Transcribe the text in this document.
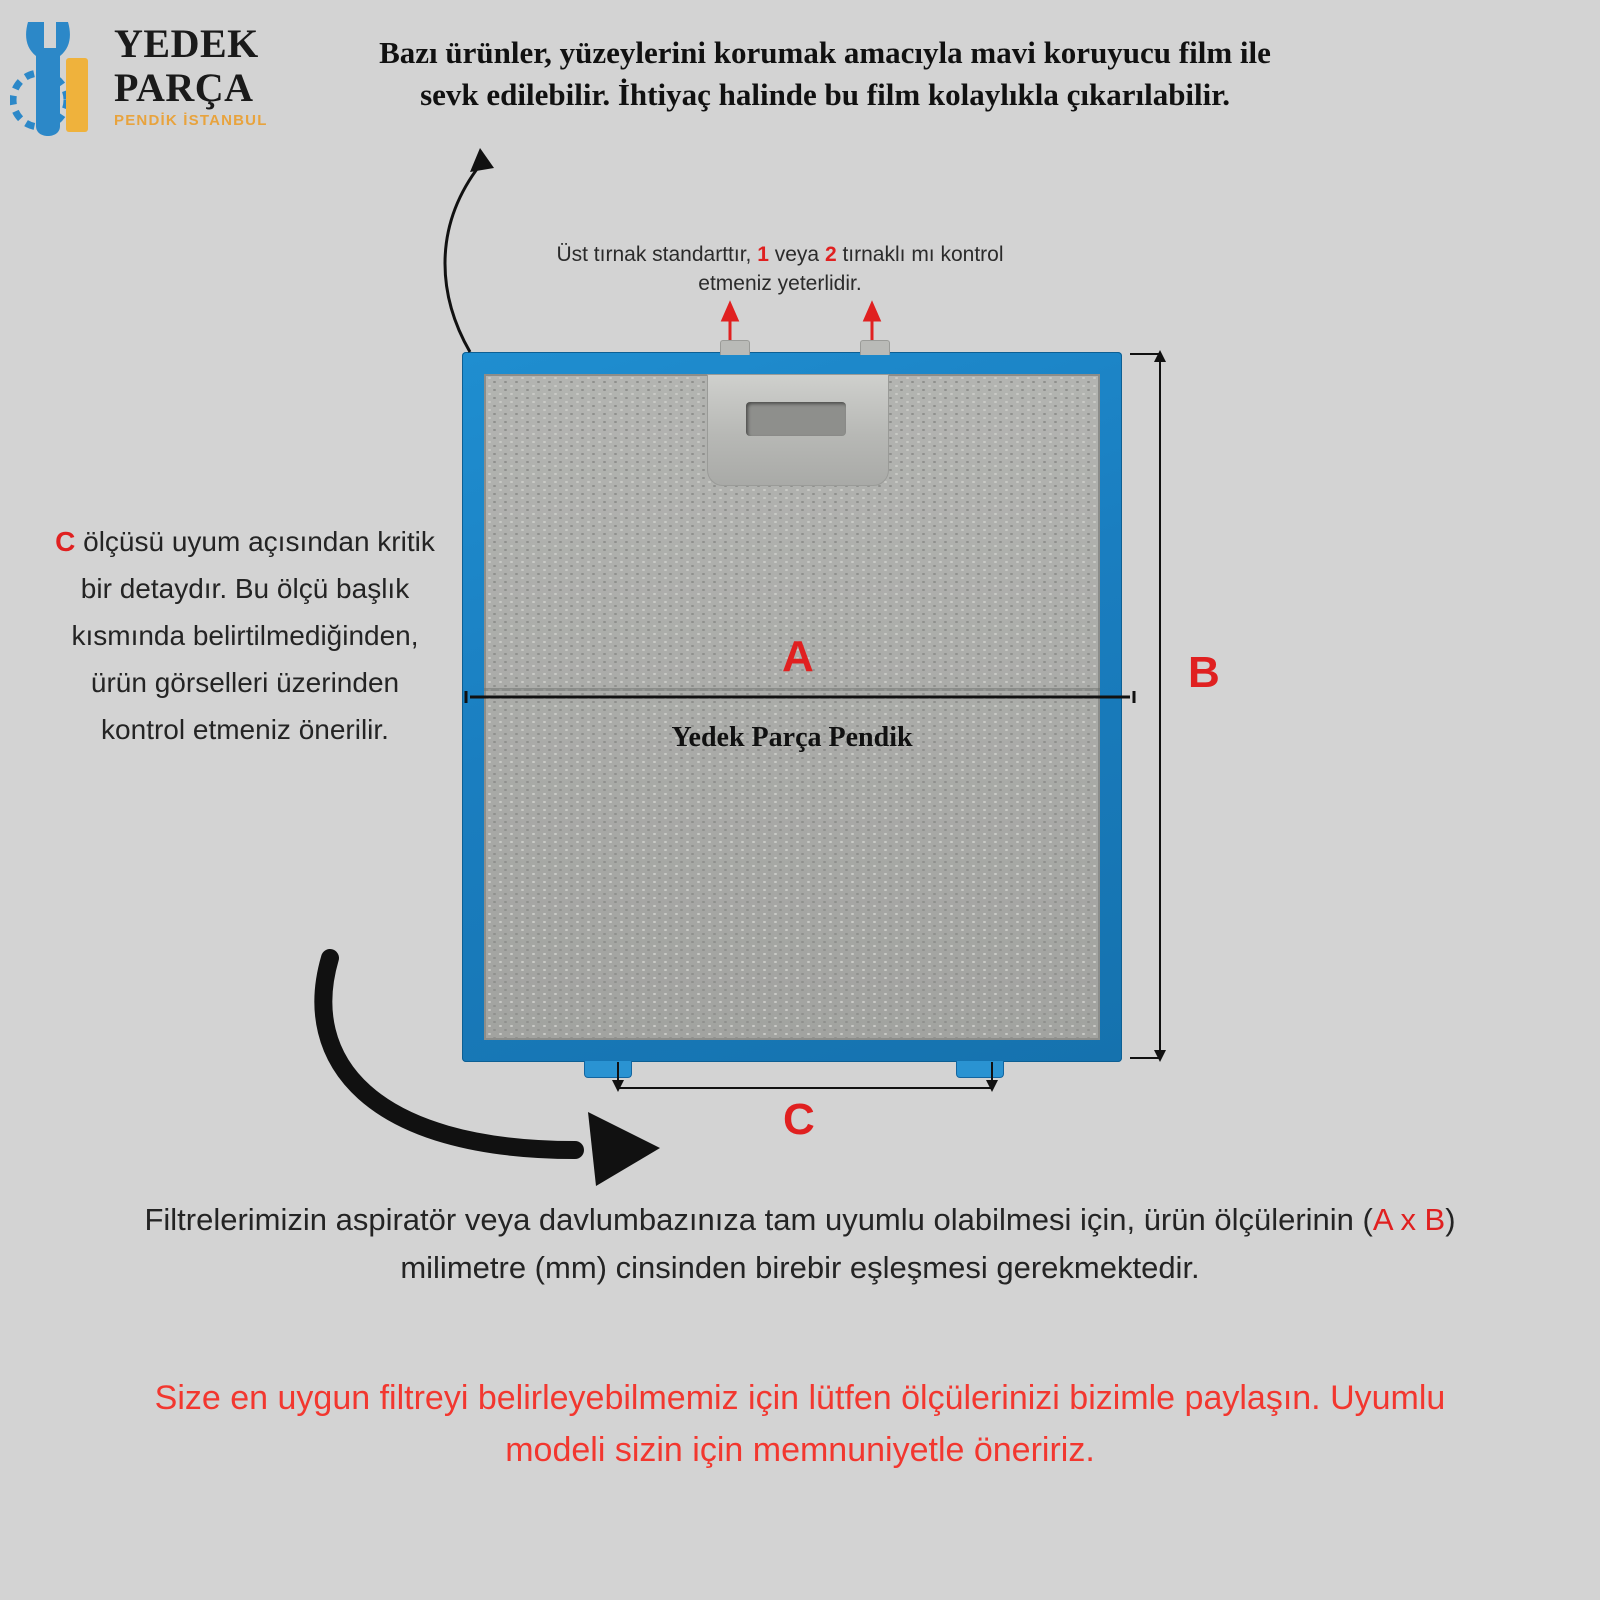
YEDEK
PARÇA
PENDİK İSTANBUL
Bazı ürünler, yüzeylerini korumak amacıyla mavi koruyucu film ile sevk edilebilir. İhtiyaç halinde bu film kolaylıkla çıkarılabilir.
Üst tırnak standarttır, 1 veya 2 tırnaklı mı kontrol etmeniz yeterlidir.
C ölçüsü uyum açısından kritik bir detaydır. Bu ölçü başlık kısmında belirtilmediğinden, ürün görselleri üzerinden kontrol etmeniz önerilir.	Yedek Parça Pendik
A	B
C
Filtrelerimizin aspiratör veya davlumbazınıza tam uyumlu olabilmesi için, ürün ölçülerinin (A x B) milimetre (mm) cinsinden birebir eşleşmesi gerekmektedir.
Size en uygun filtreyi belirleyebilmemiz için lütfen ölçülerinizi bizimle paylaşın. Uyumlu modeli sizin için memnuniyetle öneririz.
